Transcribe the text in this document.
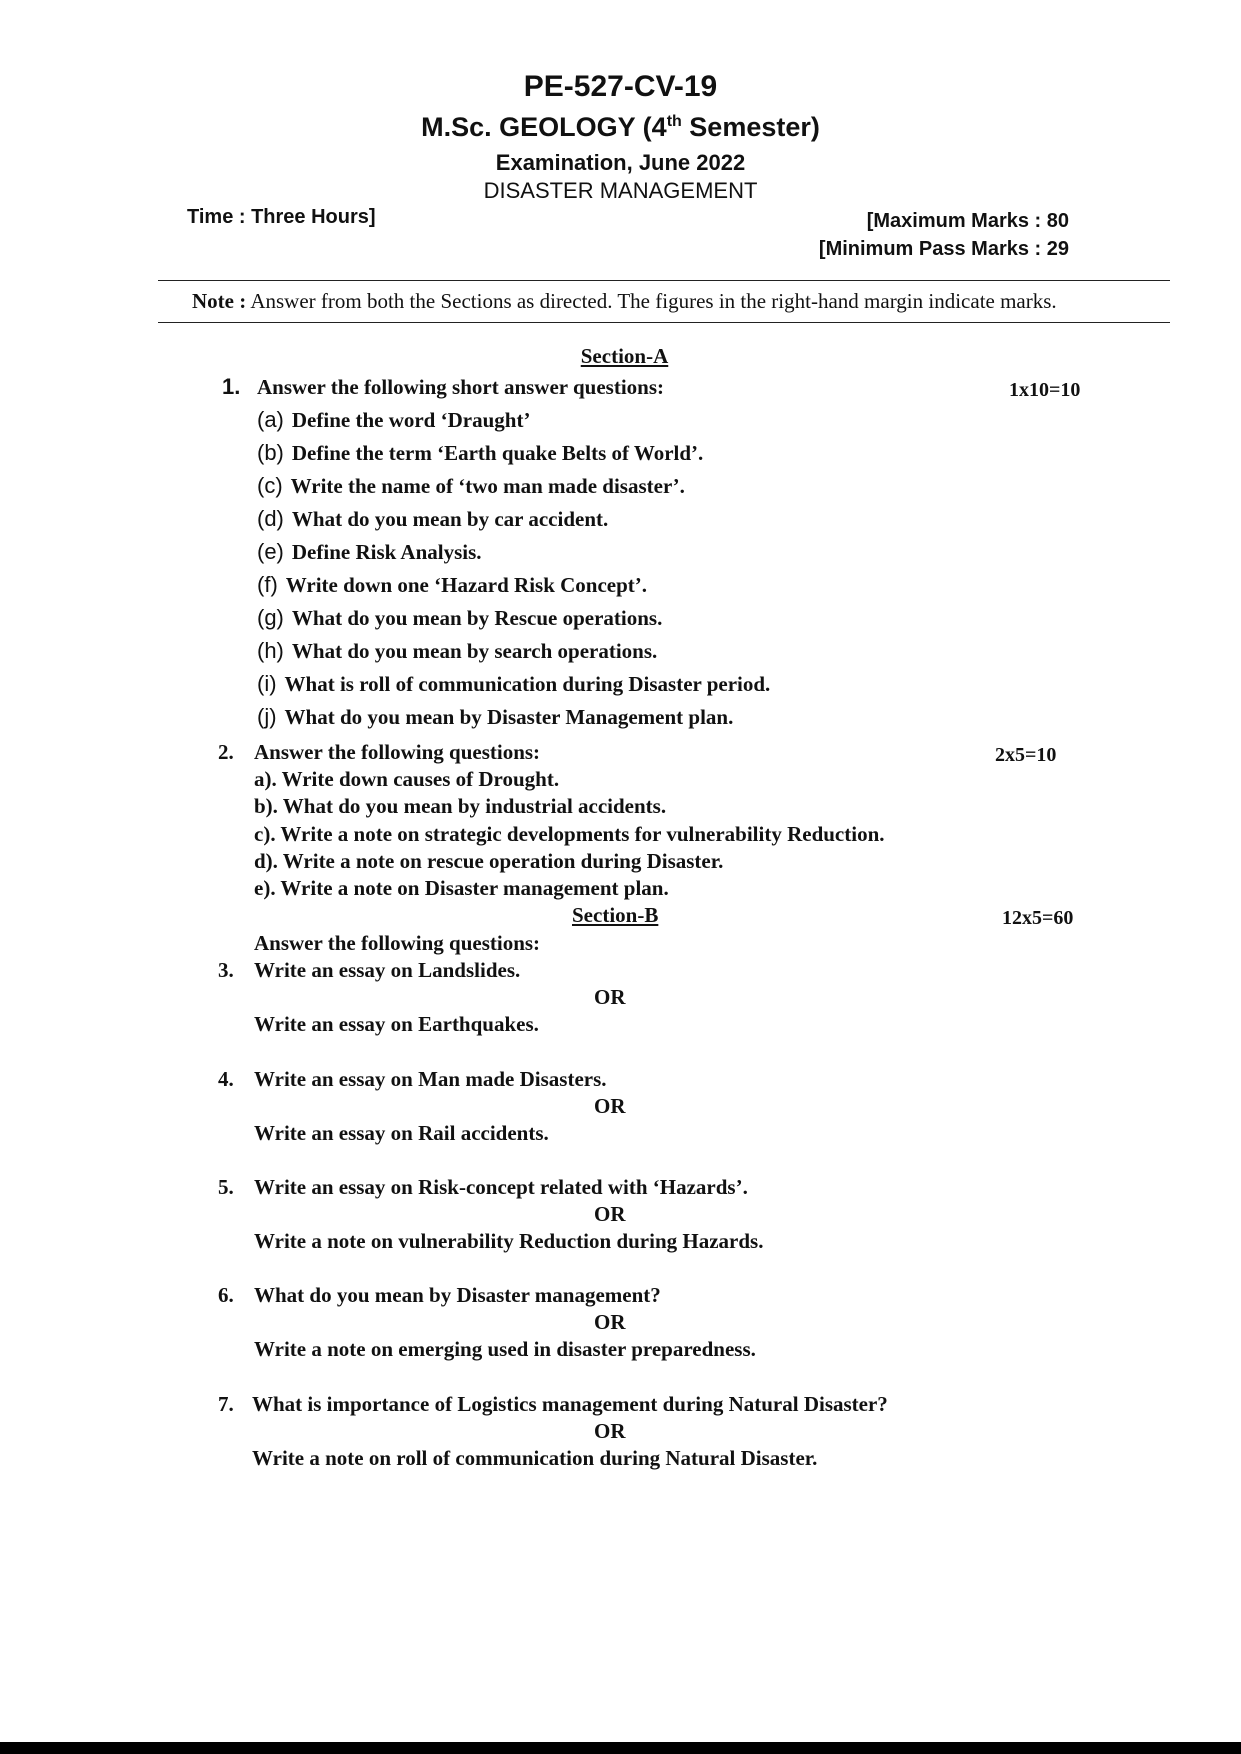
PE-527-CV-19
M.Sc. GEOLOGY (4th Semester)
Examination, June 2022
DISASTER MANAGEMENT
Time : Three Hours]	[Maximum Marks : 80
[Minimum Pass Marks : 29
Note : Answer from both the Sections as directed. The figures in the right-hand margin indicate marks.
Section-A
1. Answer the following short answer questions:	1x10=10
(a) Define the word ‘Draught’
(b) Define the term ‘Earth quake Belts of World’.
(c) Write the name of ‘two man made disaster’.
(d) What do you mean by car accident.
(e) Define Risk Analysis.
(f) Write down one ‘Hazard Risk Concept’.
(g) What do you mean by Rescue operations.
(h) What do you mean by search operations.
(i) What is roll of communication during Disaster period.
(j) What do you mean by Disaster Management plan.
2. Answer the following questions:	2x5=10
a). Write down causes of Drought.
b). What do you mean by industrial accidents.
c). Write a note on strategic developments for vulnerability Reduction.
d). Write a note on rescue operation during Disaster.
e). Write a note on Disaster management plan.
Section-B	12x5=60
Answer the following questions:
3. Write an essay on Landslides.
OR
Write an essay on Earthquakes.
4. Write an essay on Man made Disasters.
OR
Write an essay on Rail accidents.
5. Write an essay on Risk-concept related with ‘Hazards’.
OR
Write a note on vulnerability Reduction during Hazards.
6. What do you mean by Disaster management?
OR
Write a note on emerging used in disaster preparedness.
7. What is importance of Logistics management during Natural Disaster?
OR
Write a note on roll of communication during Natural Disaster.
